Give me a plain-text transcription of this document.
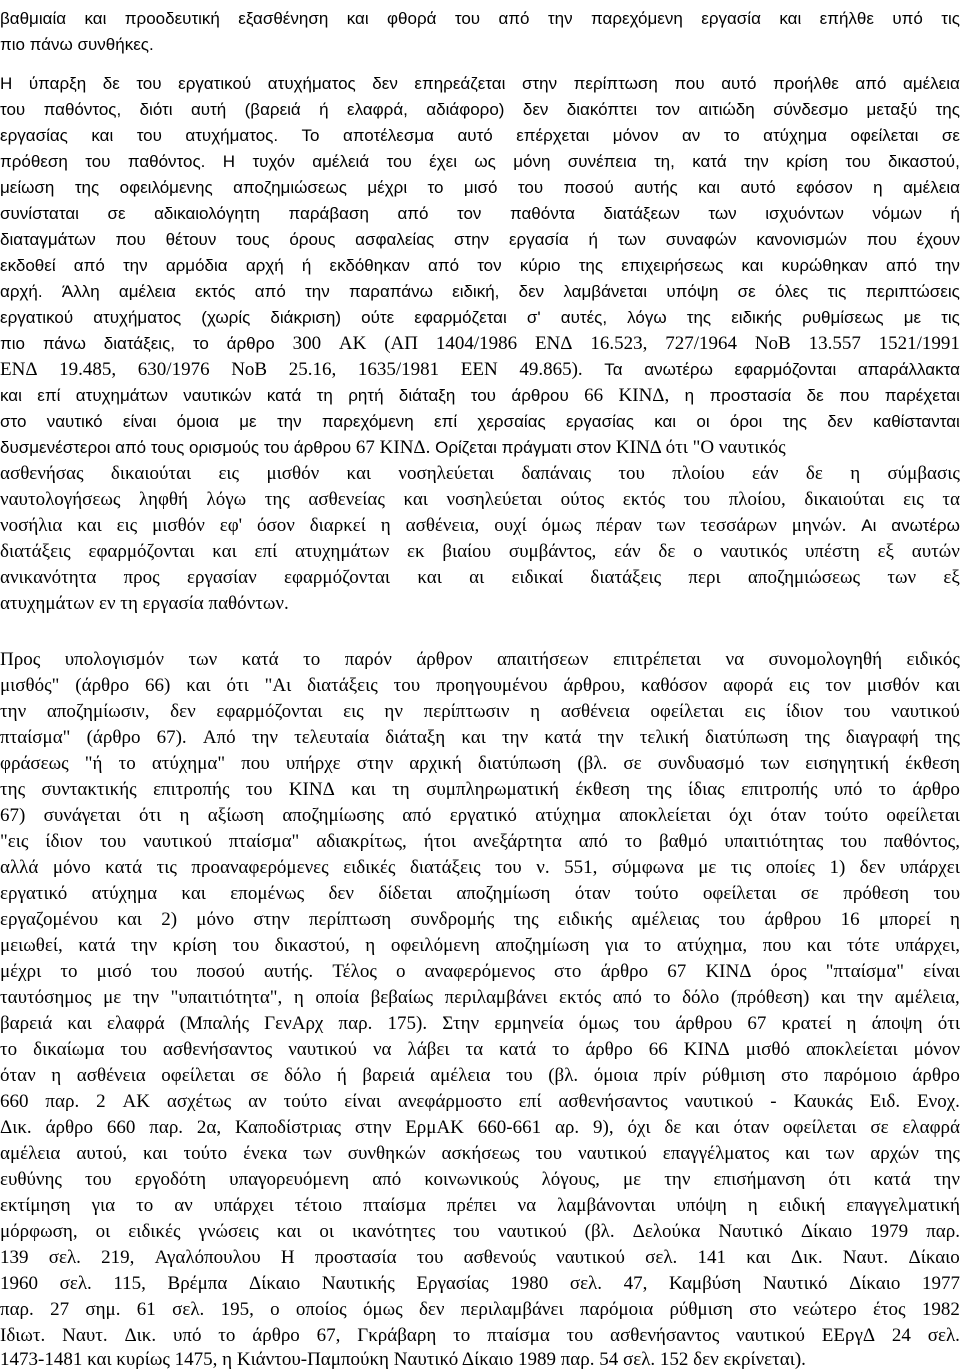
βαθμιαία και προοδευτική εξασθένηση και φθορά του από την παρεχόμενη εργασία και επήλθε υπό τις
πιο πάνω συνθήκες.
Η ύπαρξη δε του εργατικού ατυχήματος δεν επηρεάζεται στην περίπτωση που αυτό προήλθε από αμέλεια
του παθόντος, διότι αυτή (βαρειά ή ελαφρά, αδιάφορο) δεν διακόπτει τον αιτιώδη σύνδεσμο μεταξύ της
εργασίας και του ατυχήματος. Το αποτέλεσμα αυτό επέρχεται μόνον αν το ατύχημα οφείλεται σε
πρόθεση του παθόντος. Η τυχόν αμέλειά του έχει ως μόνη συνέπεια τη, κατά την κρίση του δικαστού,
μείωση της οφειλόμενης αποζημιώσεως μέχρι το μισό του ποσού αυτής και αυτό εφόσον η αμέλεια
συνίσταται σε αδικαιολόγητη παράβαση από τον παθόντα διατάξεων των ισχυόντων νόμων ή
διαταγμάτων που θέτουν τους όρους ασφαλείας στην εργασία ή των συναφών κανονισμών που έχουν
εκδοθεί από την αρμόδια αρχή ή εκδόθηκαν από τον κύριο της επιχειρήσεως και κυρώθηκαν από την
αρχή. Άλλη αμέλεια εκτός από την παραπάνω ειδική, δεν λαμβάνεται υπόψη σε όλες τις περιπτώσεις
εργατικού ατυχήματος (χωρίς διάκριση) ούτε εφαρμόζεται σ' αυτές, λόγω της ειδικής ρυθμίσεως με τις
πιο πάνω διατάξεις, το άρθρο 300 ΑΚ (ΑΠ 1404/1986 ΕΝΔ 16.523, 727/1964 ΝοΒ 13.557 1521/1991
ΕΝΔ 19.485, 630/1976 ΝοΒ 25.16, 1635/1981 ΕΕΝ 49.865). Τα ανωτέρω εφαρμόζονται απαράλλακτα
και επί ατυχημάτων ναυτικών κατά τη ρητή διάταξη του άρθρου 66 ΚΙΝΔ, η προστασία δε που παρέχεται
στο ναυτικό είναι όμοια με την παρεχόμενη επί χερσαίας εργασίας και οι όροι της δεν καθίστανται
δυσμενέστεροι από τους ορισμούς του άρθρου 67 ΚΙΝΔ. Ορίζεται πράγματι στον ΚΙΝΔ ότι "Ο ναυτικός
ασθενήσας δικαιούται εις μισθόν και νοσηλεύεται δαπάναις του πλοίου εάν δε η σύμβασις
ναυτολογήσεως ληφθή λόγω της ασθενείας και νοσηλεύεται ούτος εκτός του πλοίου, δικαιούται εις τα
νοσήλια και εις μισθόν εφ' όσον διαρκεί η ασθένεια, ουχί όμως πέραν των τεσσάρων μηνών. Αι ανωτέρω
διατάξεις εφαρμόζονται και επί ατυχημάτων εκ βιαίου συμβάντος, εάν δε ο ναυτικός υπέστη εξ αυτών
ανικανότητα προς εργασίαν εφαρμόζονται και αι ειδικαί διατάξεις περι αποζημιώσεως των εξ
ατυχημάτων εν τη εργασία παθόντων.
Προς υπολογισμόν των κατά το παρόν άρθρον απαιτήσεων επιτρέπεται να συνομολογηθή ειδικός
μισθός" (άρθρο 66) και ότι "Αι διατάξεις του προηγουμένου άρθρου, καθόσον αφορά εις τον μισθόν και
την αποζημίωσιν, δεν εφαρμόζονται εις ην περίπτωσιν η ασθένεια οφείλεται εις ίδιον του ναυτικού
πταίσμα" (άρθρο 67). Από την τελευταία διάταξη και την κατά την τελική διατύπωση της διαγραφή της
φράσεως "ή το ατύχημα" που υπήρχε στην αρχική διατύπωση (βλ. σε συνδυασμό των εισηγητική έκθεση
της συντακτικής επιτροπής του ΚΙΝΔ και τη συμπληρωματική έκθεση της ίδιας επιτροπής υπό το άρθρο
67) συνάγεται ότι η αξίωση αποζημίωσης από εργατικό ατύχημα αποκλείεται όχι όταν τούτο οφείλεται
"εις ίδιον του ναυτικού πταίσμα" αδιακρίτως, ήτοι ανεξάρτητα από το βαθμό υπαιτιότητας του παθόντος,
αλλά μόνο κατά τις προαναφερόμενες ειδικές διατάξεις του ν. 551, σύμφωνα με τις οποίες 1) δεν υπάρχει
εργατικό ατύχημα και επομένως δεν δίδεται αποζημίωση όταν τούτο οφείλεται σε πρόθεση του
εργαζομένου και 2) μόνο στην περίπτωση συνδρομής της ειδικής αμέλειας του άρθρου 16 μπορεί η
μειωθεί, κατά την κρίση του δικαστού, η οφειλόμενη αποζημίωση για το ατύχημα, που και τότε υπάρχει,
μέχρι το μισό του ποσού αυτής. Τέλος ο αναφερόμενος στο άρθρο 67 ΚΙΝΔ όρος "πταίσμα" είναι
ταυτόσημος με την "υπαιτιότητα", η οποία βεβαίως περιλαμβάνει εκτός από το δόλο (πρόθεση) και την αμέλεια,
βαρειά και ελαφρά (Μπαλής ΓενΑρχ παρ. 175). Στην ερμηνεία όμως του άρθρου 67 κρατεί η άποψη ότι
το δικαίωμα του ασθενήσαντος ναυτικού να λάβει τα κατά το άρθρο 66 ΚΙΝΔ μισθό αποκλείεται μόνον
όταν η ασθένεια οφείλεται σε δόλο ή βαρειά αμέλεια του (βλ. όμοια πρίν ρύθμιση στο παρόμοιο άρθρο
660 παρ. 2 ΑΚ ασχέτως αν τούτο είναι ανεφάρμοστο επί ασθενήσαντος ναυτικού - Καυκάς Ειδ. Ενοχ.
Δικ. άρθρο 660 παρ. 2α, Καποδίστριας στην ΕρμΑΚ 660-661 αρ. 9), όχι δε και όταν οφείλεται σε ελαφρά
αμέλεια αυτού, και τούτο ένεκα των συνθηκών ασκήσεως του ναυτικού επαγγέλματος και των αρχών της
ευθύνης του εργοδότη υπαγορευόμενη από κοινωνικούς λόγους, με την επισήμανση ότι κατά την
εκτίμηση για το αν υπάρχει τέτοιο πταίσμα πρέπει να λαμβάνονται υπόψη η ειδική επαγγελματική
μόρφωση, οι ειδικές γνώσεις και οι ικανότητες του ναυτικού (βλ. Δελούκα Ναυτικό Δίκαιο 1979 παρ.
139 σελ. 219, Αγαλόπουλου Η προστασία του ασθενούς ναυτικού σελ. 141 και Δικ. Ναυτ. Δίκαιο
1960 σελ. 115, Βρέμπα Δίκαιο Ναυτικής Εργασίας 1980 σελ. 47, Καμβύση Ναυτικό Δίκαιο 1977
παρ. 27 σημ. 61 σελ. 195, ο οποίος όμως δεν περιλαμβάνει παρόμοια ρύθμιση στο νεώτερο έτος 1982
Ιδιωτ. Ναυτ. Δικ. υπό το άρθρο 67, Γκράβαρη το πταίσμα του ασθενήσαντος ναυτικού ΕΕργΔ 24 σελ.
1473-1481 και κυρίως 1475, η Κιάντου-Παμπούκη Ναυτικό Δίκαιο 1989 παρ. 54 σελ. 152 δεν εκρίνεται).
